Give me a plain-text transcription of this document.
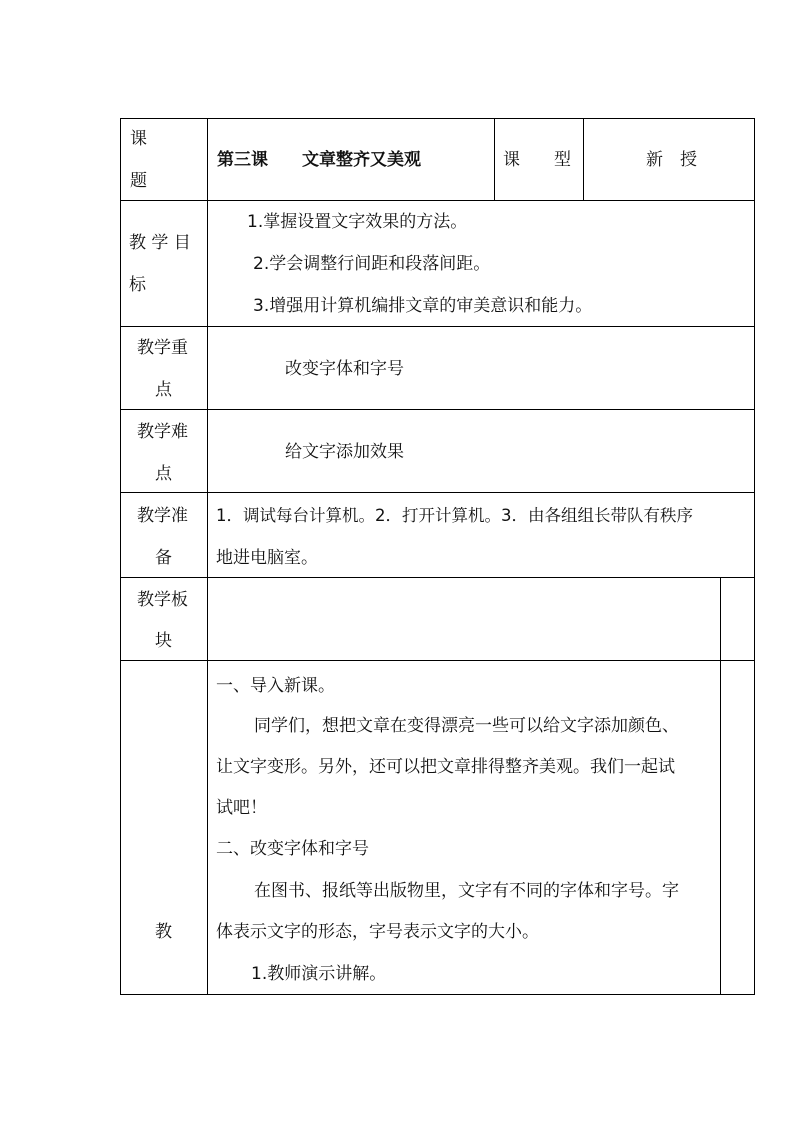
课
题
第三课　　文章整齐又美观	课　　型	新　授
教 学 目
标
1.掌握设置文字效果的方法。
2.学会调整行间距和段落间距。
3.增强用计算机编排文章的审美意识和能力。
教学重
点
改变字体和字号
教学难
点
给文字添加效果
教学准
备
1．调试每台计算机。2．打开计算机。3．由各组组长带队有秩序
地进电脑室。
教学板
块
教
一、导入新课。
同学们，想把文章在变得漂亮一些可以给文字添加颜色、
让文字变形。另外，还可以把文章排得整齐美观。我们一起试
试吧！
二、改变字体和字号
在图书、报纸等出版物里，文字有不同的字体和字号。字
体表示文字的形态，字号表示文字的大小。
1.教师演示讲解。
